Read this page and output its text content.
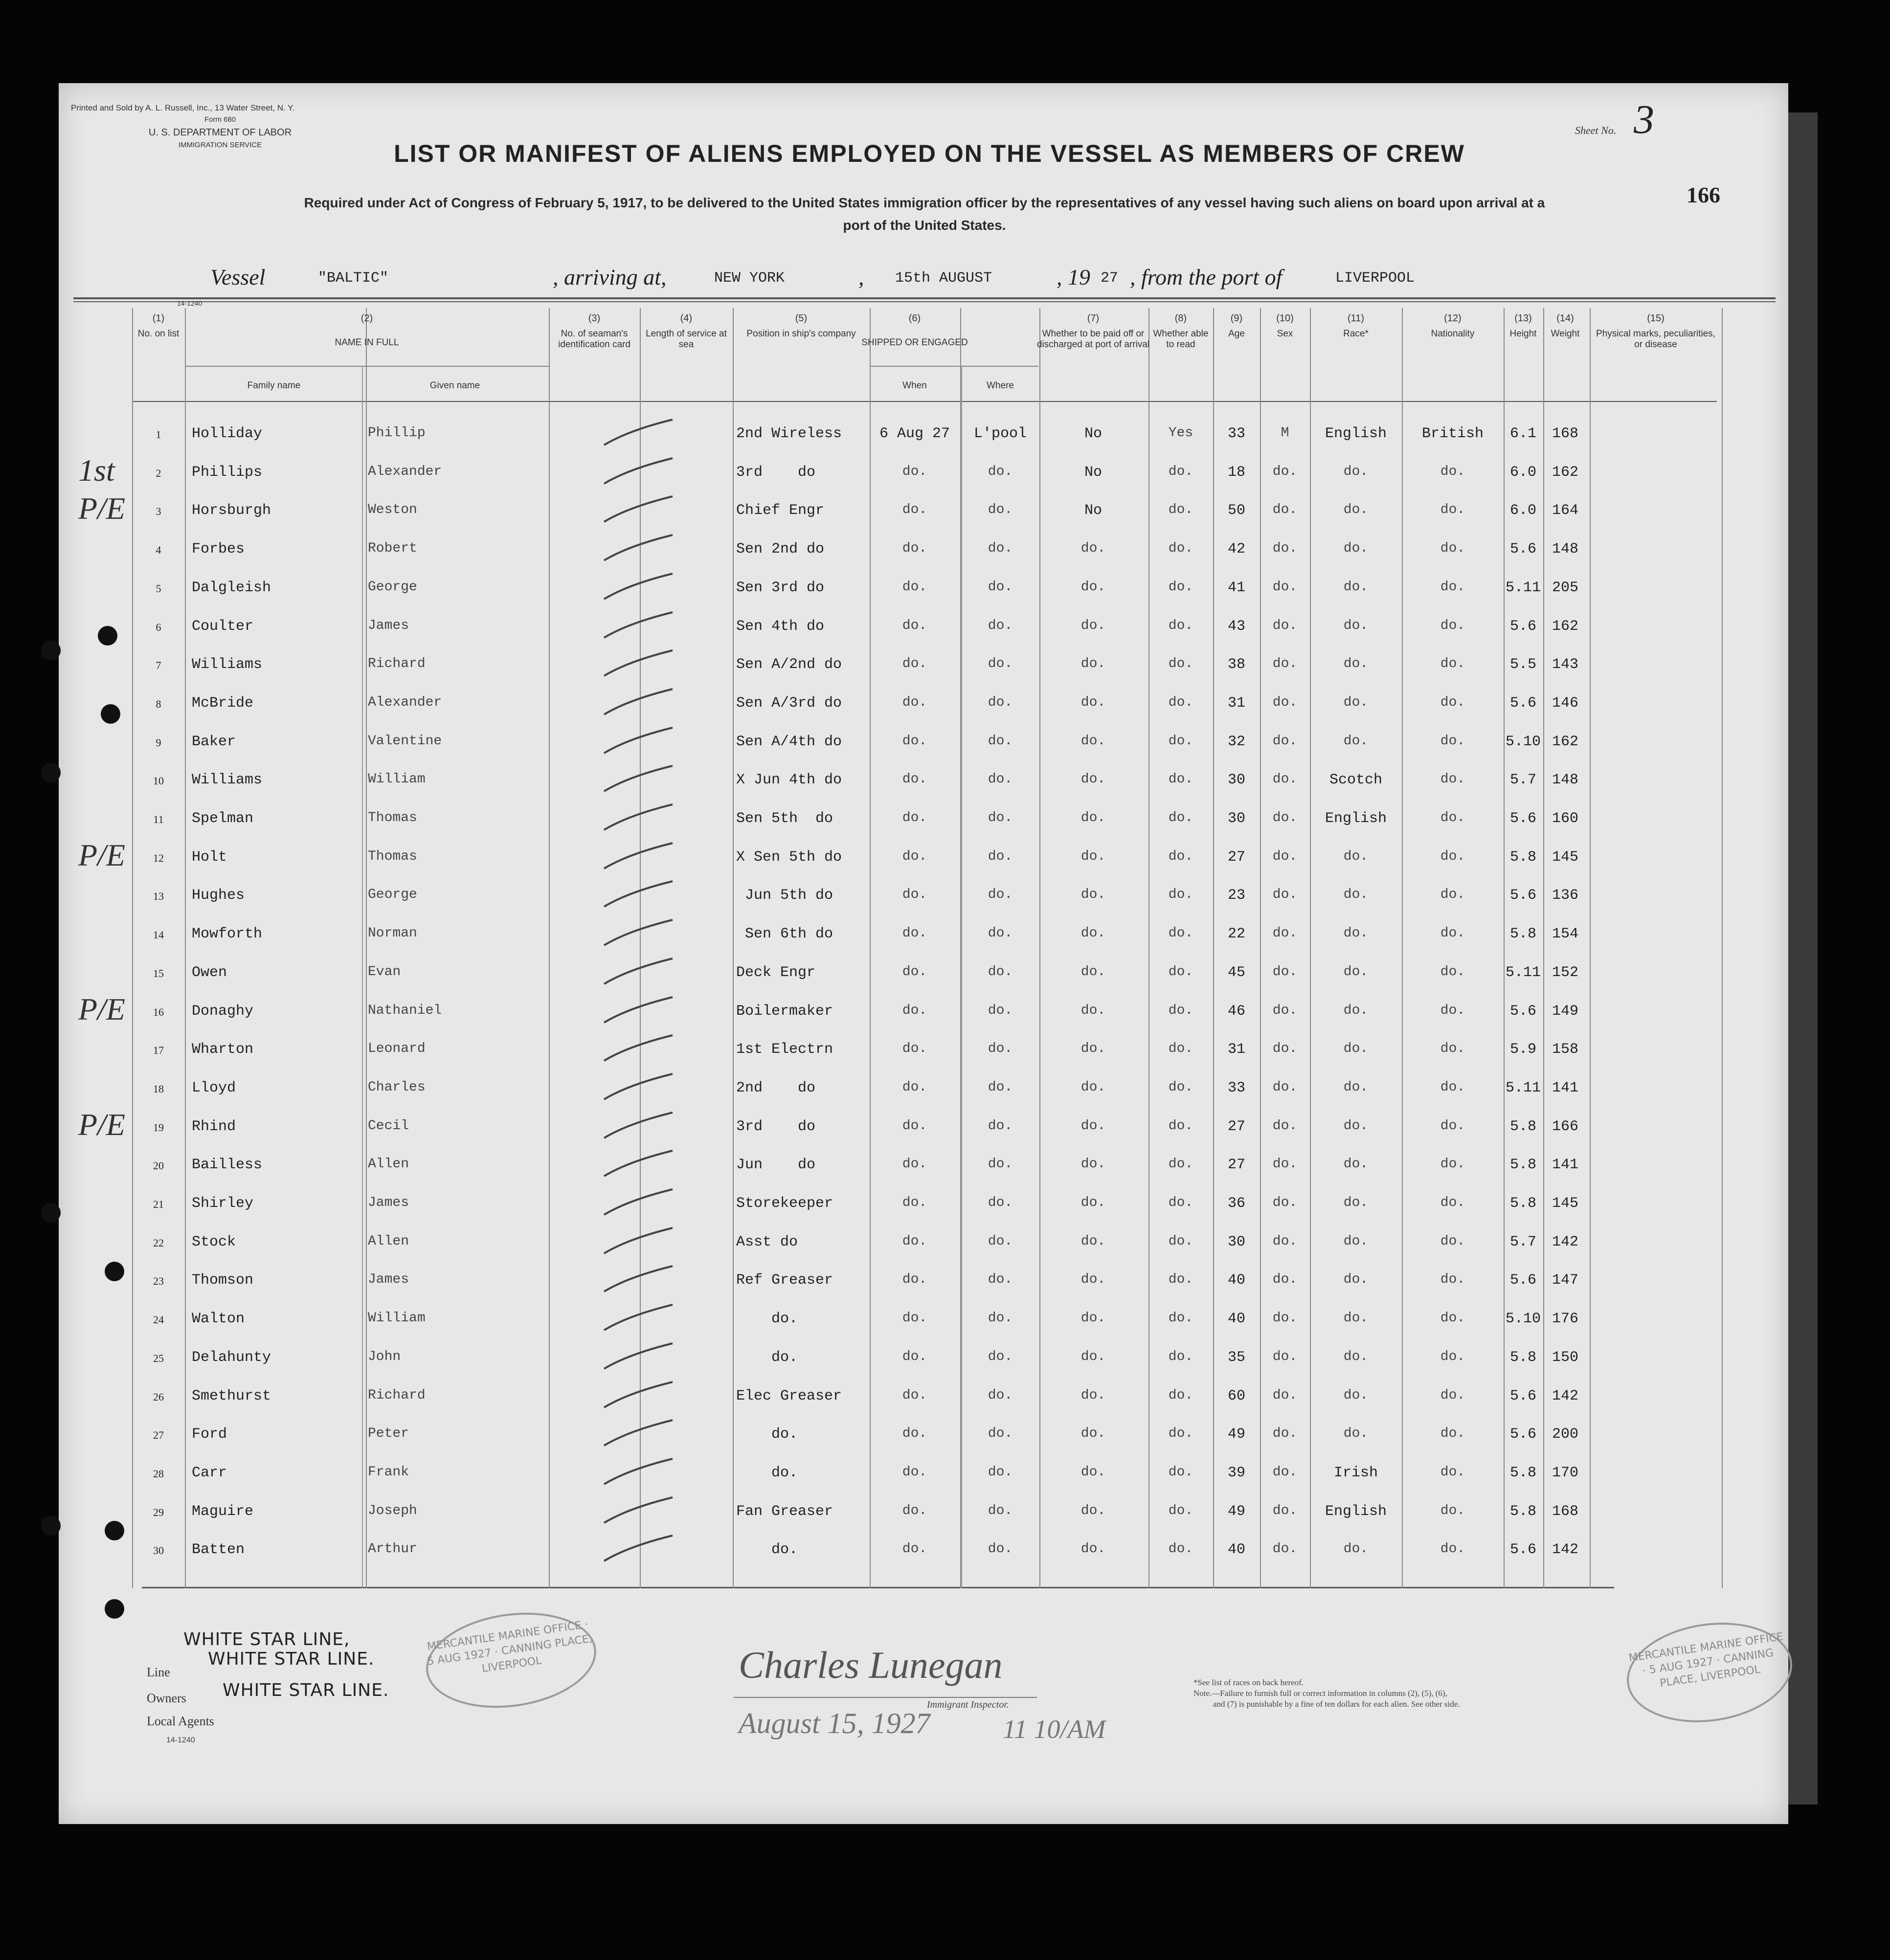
Printed and Sold by A. L. Russell, Inc., 13 Water Street, N. Y.
Form 680
U. S. DEPARTMENT OF LABOR
IMMIGRATION SERVICE
Sheet No. 3
166
LIST OR MANIFEST OF ALIENS EMPLOYED ON THE VESSEL AS MEMBERS OF CREW
Required under Act of Congress of February 5, 1917, to be delivered to the United States immigration officer by the representatives of any vessel having such aliens on board upon arrival at a
port of the United States.
Vessel	"BALTIC"	, arriving at,	NEW YORK	, 15th AUGUST	, 19 27 , from the port of	LIVERPOOL
14-1240
(1)
No. on list
(2)
NAME IN FULL
Family name	Given name
(3)
No. of seaman's identification card
(4)
Length of service at sea
(5)
Position in ship's company
(6)
SHIPPED OR ENGAGED
When	Where
(7)
Whether to be paid off or discharged at port of arrival
(8)
Whether able to read
(9)
Age
(10)
Sex
(11)
Race*
(12)
Nationality
(13)
Height
(14)
Weight
(15)
Physical marks, peculiarities, or disease
1	Holliday	Phillip	2nd Wireless	6 Aug 27	L'pool	No	Yes	33	M	English	British	6.1	168
2	Phillips	Alexander	3rd    do	do.	do.	No	do.	18	do.	do.	do.	6.0	162
3	Horsburgh	Weston	Chief Engr	do.	do.	No	do.	50	do.	do.	do.	6.0	164
4	Forbes	Robert	Sen 2nd do	do.	do.	do.	do.	42	do.	do.	do.	5.6	148
5	Dalgleish	George	Sen 3rd do	do.	do.	do.	do.	41	do.	do.	do.	5.11 205
6	Coulter	James	Sen 4th do	do.	do.	do.	do.	43	do.	do.	do.	5.6	162
7	Williams	Richard	Sen A/2nd do	do.	do.	do.	do.	38	do.	do.	do.	5.5	143
8	McBride	Alexander	Sen A/3rd do	do.	do.	do.	do.	31	do.	do.	do.	5.6	146
9	Baker	Valentine	Sen A/4th do	do.	do.	do.	do.	32	do.	do.	do.	5.10 162
10	Williams	William	X Jun 4th do	do.	do.	do.	do.	30	do.	Scotch	do.	5.7	148
11	Spelman	Thomas	Sen 5th  do	do.	do.	do.	do.	30	do.	English	do.	5.6	160
12	Holt	Thomas	X Sen 5th do	do.	do.	do.	do.	27	do.	do.	do.	5.8	145
13	Hughes	George	Jun 5th do	do.	do.	do.	do.	23	do.	do.	do.	5.6	136
14	Mowforth	Norman	Sen 6th do	do.	do.	do.	do.	22	do.	do.	do.	5.8	154
15	Owen	Evan	Deck Engr	do.	do.	do.	do.	45	do.	do.	do.	5.11 152
16	Donaghy	Nathaniel	Boilermaker	do.	do.	do.	do.	46	do.	do.	do.	5.6	149
17	Wharton	Leonard	1st Electrn	do.	do.	do.	do.	31	do.	do.	do.	5.9	158
18	Lloyd	Charles	2nd    do	do.	do.	do.	do.	33	do.	do.	do.	5.11 141
19	Rhind	Cecil	3rd    do	do.	do.	do.	do.	27	do.	do.	do.	5.8	166
20	Bailless	Allen	Jun    do	do.	do.	do.	do.	27	do.	do.	do.	5.8	141
21	Shirley	James	Storekeeper	do.	do.	do.	do.	36	do.	do.	do.	5.8	145
22	Stock	Allen	Asst do	do.	do.	do.	do.	30	do.	do.	do.	5.7	142
23	Thomson	James	Ref Greaser	do.	do.	do.	do.	40	do.	do.	do.	5.6	147
24	Walton	William	do.	do.	do.	do.	do.	40	do.	do.	do.	5.10 176
25	Delahunty	John	do.	do.	do.	do.	do.	35	do.	do.	do.	5.8	150
26	Smethurst	Richard	Elec Greaser	do.	do.	do.	do.	60	do.	do.	do.	5.6	142
27	Ford	Peter	do.	do.	do.	do.	do.	49	do.	do.	do.	5.6	200
28	Carr	Frank	do.	do.	do.	do.	do.	39	do.	Irish	do.	5.8	170
29	Maguire	Joseph	Fan Greaser	do.	do.	do.	do.	49	do.	English	do.	5.8	168
30	Batten	Arthur	do.	do.	do.	do.	do.	40	do.	do.	do.	5.6	142
1st
P/E
P/E
P/E
P/E
Line
WHITE STAR LINE,
Owners
WHITE STAR LINE.
Local Agents
WHITE STAR LINE.
14-1240
MERCANTILE MARINE OFFICE · 5 AUG 1927 · CANNING PLACE, LIVERPOOL
MERCANTILE MARINE OFFICE · 5 AUG 1927 · CANNING PLACE, LIVERPOOL
Charles Lunegan
Immigrant Inspector.
August 15, 1927	11 10/AM
*See list of races on back hereof.
Note.—Failure to furnish full or correct information in columns (2), (5), (6),
and (7) is punishable by a fine of ten dollars for each alien. See other side.
